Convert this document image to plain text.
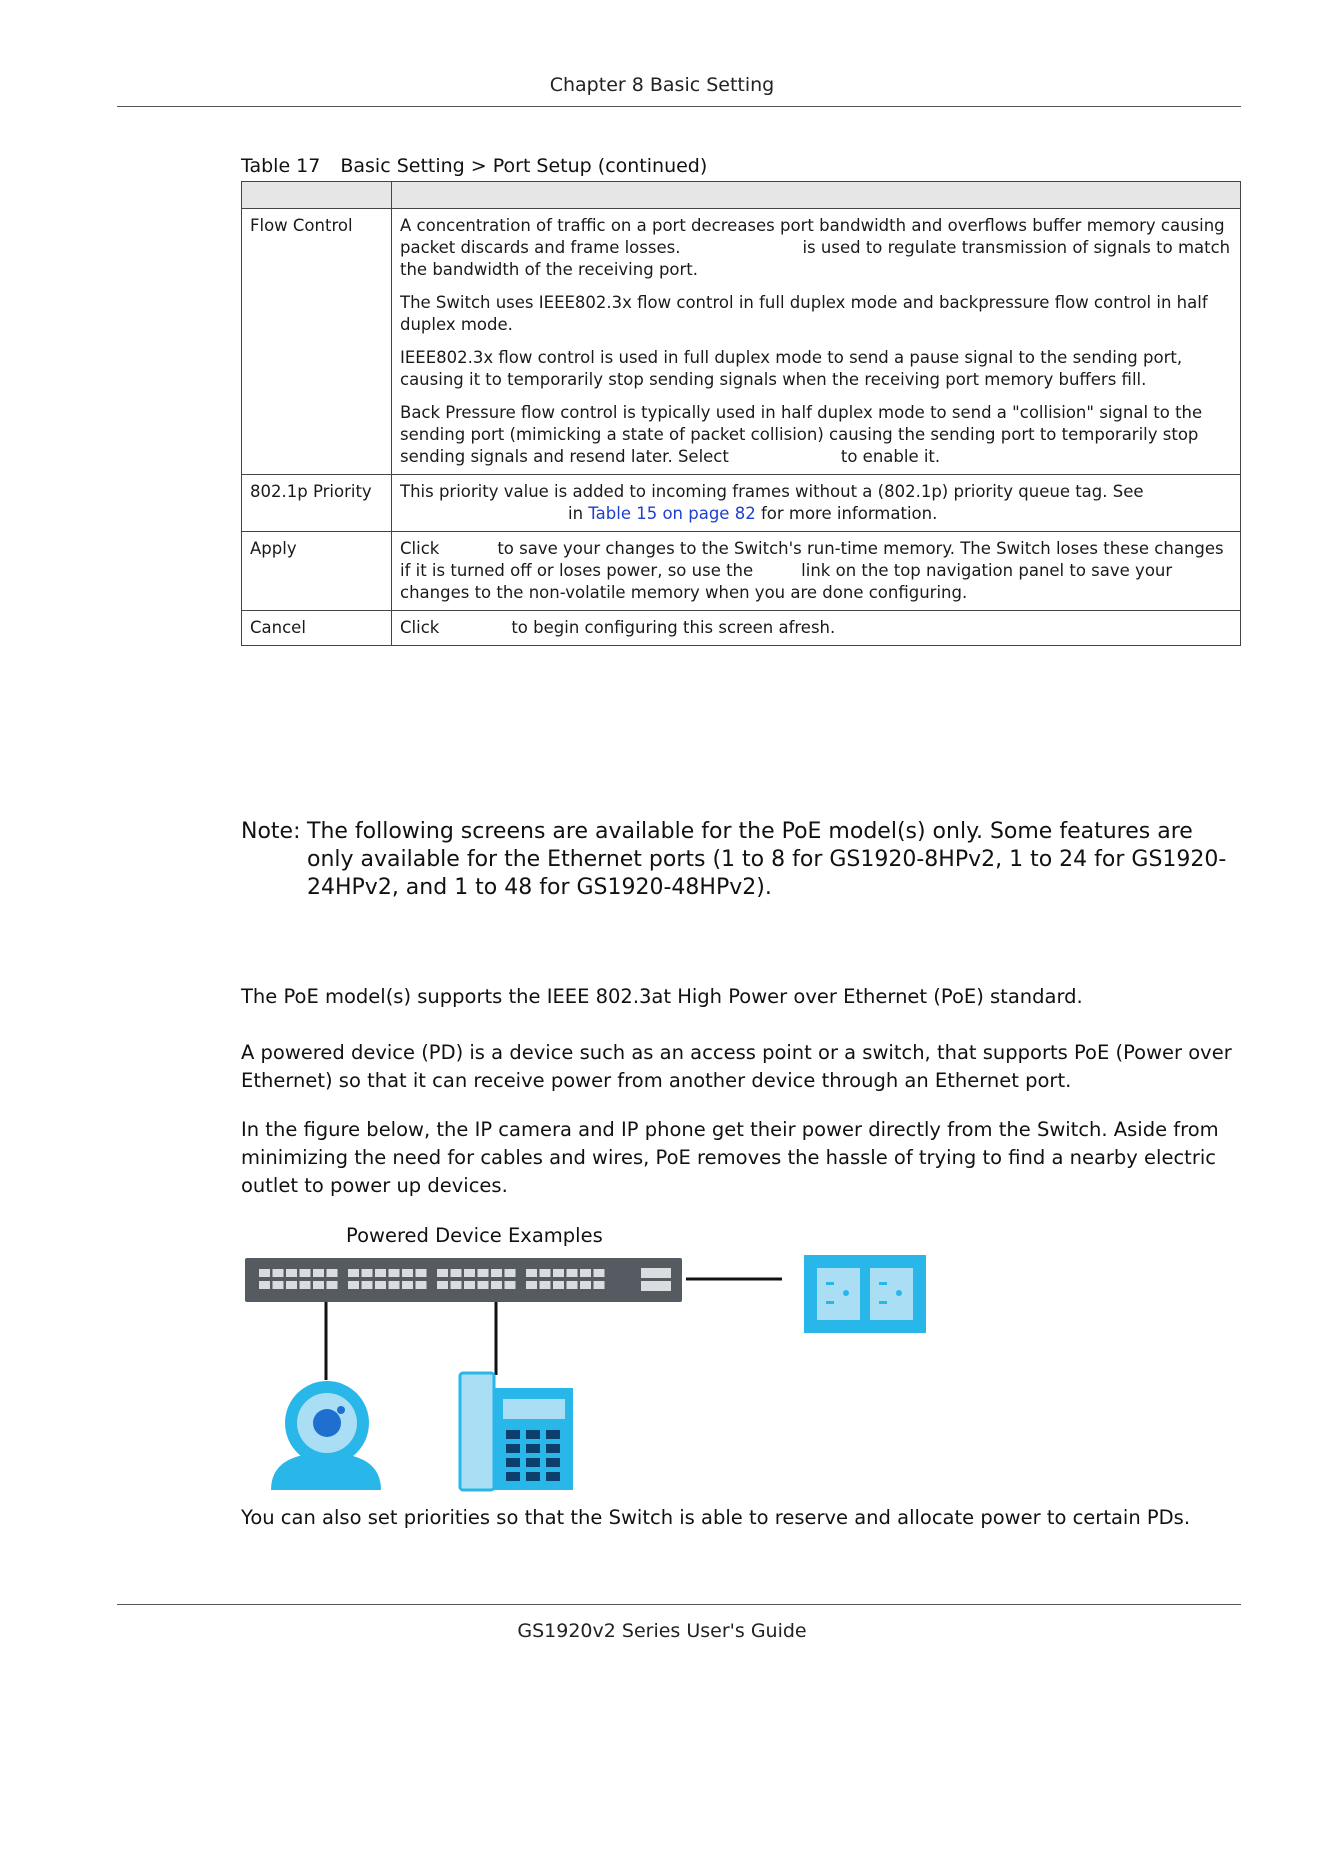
Chapter 8 Basic Setting
Table 17 Basic Setting > Port Setup (continued)

Flow Control	A concentration of traffic on a port decreases port bandwidth and overflows buffer memory causing packet discards and frame losses. is used to regulate transmission of signals to match the bandwidth of the receiving port.

The Switch uses IEEE802.3x flow control in full duplex mode and backpressure flow control in half duplex mode.

IEEE802.3x flow control is used in full duplex mode to send a pause signal to the sending port, causing it to temporarily stop sending signals when the receiving port memory buffers fill.

Back Pressure flow control is typically used in half duplex mode to send a "collision" signal to the sending port (mimicking a state of packet collision) causing the sending port to temporarily stop sending signals and resend later. Select to enable it.

802.1p Priority	This priority value is added to incoming frames without a (802.1p) priority queue tag. See
in Table 15 on page 82 for more information.
Apply	Click to save your changes to the Switch's run-time memory. The Switch loses these changes if it is turned off or loses power, so use the link on the top navigation panel to save your changes to the non-volatile memory when you are done configuring.
Cancel	Click to begin configuring this screen afresh.
Note: The following screens are available for the PoE model(s) only. Some features are only available for the Ethernet ports (1 to 8 for GS1920-8HPv2, 1 to 24 for GS1920-24HPv2, and 1 to 48 for GS1920-48HPv2).
The PoE model(s) supports the IEEE 802.3at High Power over Ethernet (PoE) standard.
A powered device (PD) is a device such as an access point or a switch, that supports PoE (Power over Ethernet) so that it can receive power from another device through an Ethernet port.
In the figure below, the IP camera and IP phone get their power directly from the Switch. Aside from minimizing the need for cables and wires, PoE removes the hassle of trying to find a nearby electric outlet to power up devices.
Powered Device Examples
You can also set priorities so that the Switch is able to reserve and allocate power to certain PDs.
GS1920v2 Series User's Guide
